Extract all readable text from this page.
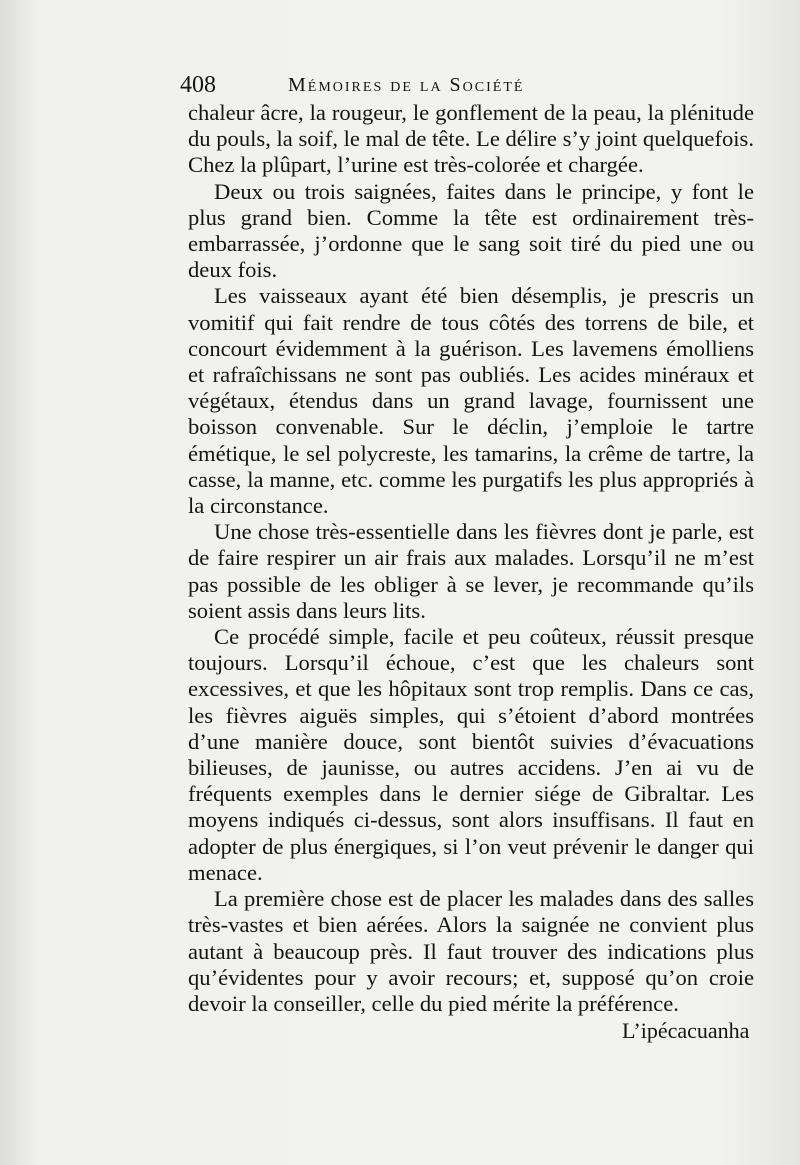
408	Mémoires de la Société

chaleur âcre, la rougeur, le gonflement de la peau, la plénitude du pouls, la soif, le mal de tête. Le délire s’y joint quelquefois. Chez la plûpart, l’urine est très-colorée et chargée.

Deux ou trois saignées, faites dans le principe, y font le plus grand bien. Comme la tête est ordinairement très-embarrassée, j’ordonne que le sang soit tiré du pied une ou deux fois.

Les vaisseaux ayant été bien désemplis, je prescris un vomitif qui fait rendre de tous côtés des torrens de bile, et concourt évidemment à la guérison. Les lavemens émolliens et rafraîchissans ne sont pas oubliés. Les acides minéraux et végétaux, étendus dans un grand lavage, fournissent une boisson convenable. Sur le déclin, j’emploie le tartre émétique, le sel polycreste, les tamarins, la crême de tartre, la casse, la manne, etc. comme les purgatifs les plus appropriés à la circonstance.

Une chose très-essentielle dans les fièvres dont je parle, est de faire respirer un air frais aux malades. Lorsqu’il ne m’est pas possible de les obliger à se lever, je recommande qu’ils soient assis dans leurs lits.

Ce procédé simple, facile et peu coûteux, réussit presque toujours. Lorsqu’il échoue, c’est que les chaleurs sont excessives, et que les hôpitaux sont trop remplis. Dans ce cas, les fièvres aiguës simples, qui s’étoient d’abord montrées d’une manière douce, sont bientôt suivies d’évacuations bilieuses, de jaunisse, ou autres accidens. J’en ai vu de fréquents exemples dans le dernier siége de Gibraltar. Les moyens indiqués ci-dessus, sont alors insuffisans. Il faut en adopter de plus énergiques, si l’on veut prévenir le danger qui menace.

La première chose est de placer les malades dans des salles très-vastes et bien aérées. Alors la saignée ne convient plus autant à beaucoup près. Il faut trouver des indications plus qu’évidentes pour y avoir recours; et, supposé qu’on croie devoir la conseiller, celle du pied mérite la préférence.

L’ipécacuanha
